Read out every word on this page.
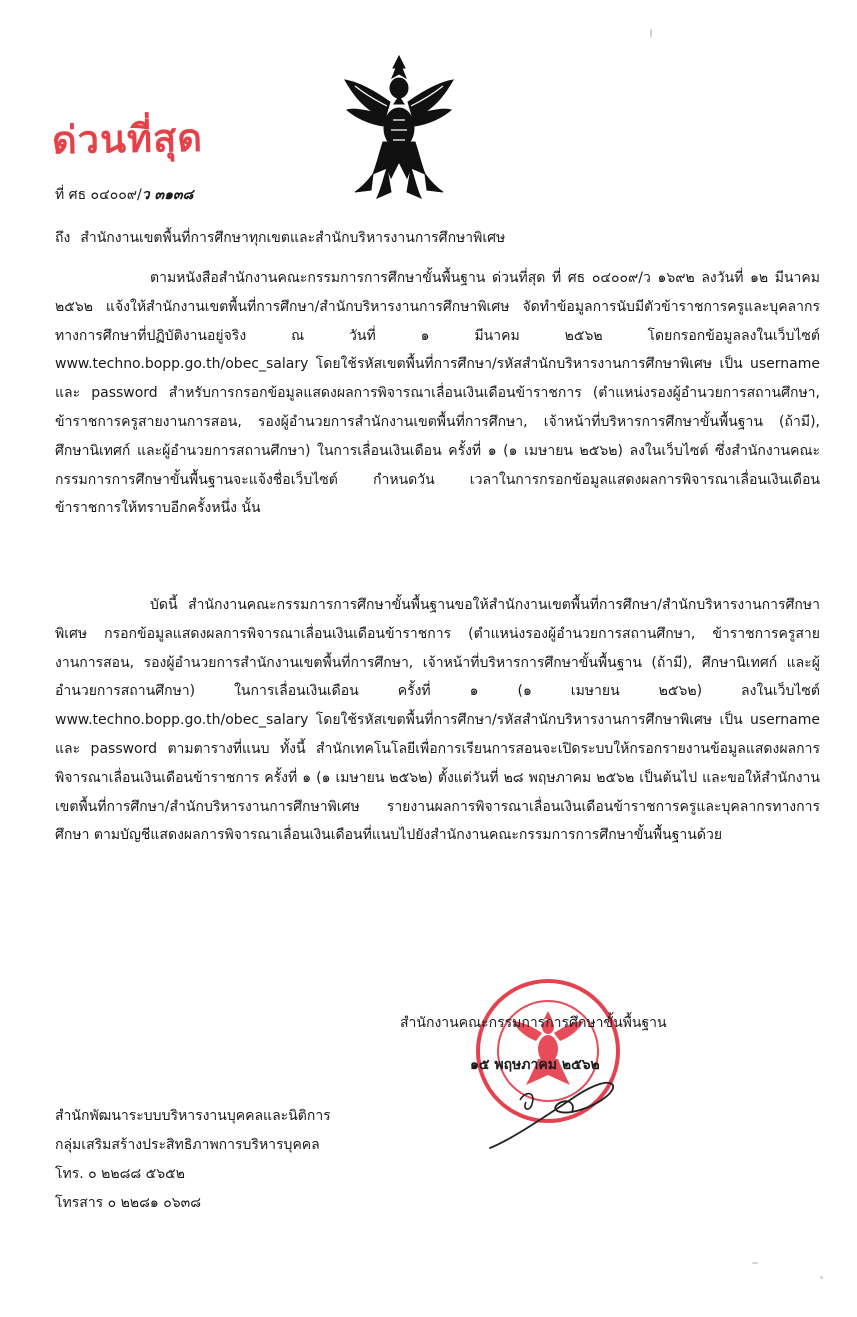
ด่วนที่สุด
ที่ ศธ ๐๔๐๐๙/ว ๓๑๓๘
ถึง สำนักงานเขตพื้นที่การศึกษาทุกเขตและสำนักบริหารงานการศึกษาพิเศษ

ตามหนังสือสำนักงานคณะกรรมการการศึกษาขั้นพื้นฐาน ด่วนที่สุด ที่ ศธ ๐๔๐๐๙/ว ๑๖๙๒ ลงวันที่ ๑๒ มีนาคม ๒๕๖๒ แจ้งให้สำนักงานเขตพื้นที่การศึกษา/สำนักบริหารงานการศึกษาพิเศษ จัดทำข้อมูลการนับมีตัวข้าราชการครูและบุคลากรทางการศึกษาที่ปฏิบัติงานอยู่จริง ณ วันที่ ๑ มีนาคม ๒๕๖๒ โดยกรอกข้อมูลลงในเว็บไซต์ www.techno.bopp.go.th/obec_salary โดยใช้รหัสเขตพื้นที่การศึกษา/รหัสสำนักบริหารงานการศึกษาพิเศษ เป็น username และ password สำหรับการกรอกข้อมูลแสดงผลการพิจารณาเลื่อนเงินเดือนข้าราชการ (ตำแหน่งรองผู้อำนวยการสถานศึกษา, ข้าราชการครูสายงานการสอน, รองผู้อำนวยการสำนักงานเขตพื้นที่การศึกษา, เจ้าหน้าที่บริหารการศึกษาขั้นพื้นฐาน (ถ้ามี), ศึกษานิเทศก์ และผู้อำนวยการสถานศึกษา) ในการเลื่อนเงินเดือน ครั้งที่ ๑ (๑ เมษายน ๒๕๖๒) ลงในเว็บไซต์ ซึ่งสำนักงานคณะกรรมการการศึกษาขั้นพื้นฐานจะแจ้งชื่อเว็บไซต์ กำหนดวัน เวลาในการกรอกข้อมูลแสดงผลการพิจารณาเลื่อนเงินเดือนข้าราชการให้ทราบอีกครั้งหนึ่ง นั้น

บัดนี้ สำนักงานคณะกรรมการการศึกษาขั้นพื้นฐานขอให้สำนักงานเขตพื้นที่การศึกษา/สำนักบริหารงานการศึกษาพิเศษ กรอกข้อมูลแสดงผลการพิจารณาเลื่อนเงินเดือนข้าราชการ (ตำแหน่งรองผู้อำนวยการสถานศึกษา, ข้าราชการครูสายงานการสอน, รองผู้อำนวยการสำนักงานเขตพื้นที่การศึกษา, เจ้าหน้าที่บริหารการศึกษาขั้นพื้นฐาน (ถ้ามี), ศึกษานิเทศก์ และผู้อำนวยการสถานศึกษา) ในการเลื่อนเงินเดือน ครั้งที่ ๑ (๑ เมษายน ๒๕๖๒) ลงในเว็บไซต์ www.techno.bopp.go.th/obec_salary โดยใช้รหัสเขตพื้นที่การศึกษา/รหัสสำนักบริหารงานการศึกษาพิเศษ เป็น username และ password ตามตารางที่แนบ ทั้งนี้ สำนักเทคโนโลยีเพื่อการเรียนการสอนจะเปิดระบบให้กรอกรายงานข้อมูลแสดงผลการพิจารณาเลื่อนเงินเดือนข้าราชการ ครั้งที่ ๑ (๑ เมษายน ๒๕๖๒) ตั้งแต่วันที่ ๒๘ พฤษภาคม ๒๕๖๒ เป็นต้นไป และขอให้สำนักงานเขตพื้นที่การศึกษา/สำนักบริหารงานการศึกษาพิเศษ รายงานผลการพิจารณาเลื่อนเงินเดือนข้าราชการครูและบุคลากรทางการศึกษา ตามบัญชีแสดงผลการพิจารณาเลื่อนเงินเดือนที่แนบไปยังสำนักงานคณะกรรมการการศึกษาขั้นพื้นฐานด้วย

สำนักงานคณะกรรมการการศึกษาขั้นพื้นฐาน
๑๕ พฤษภาคม ๒๕๖๒
สำนักพัฒนาระบบบริหารงานบุคคลและนิติการ
กลุ่มเสริมสร้างประสิทธิภาพการบริหารบุคคล
โทร. ๐ ๒๒๘๘ ๕๖๕๒
โทรสาร ๐ ๒๒๘๑ ๐๖๓๘
